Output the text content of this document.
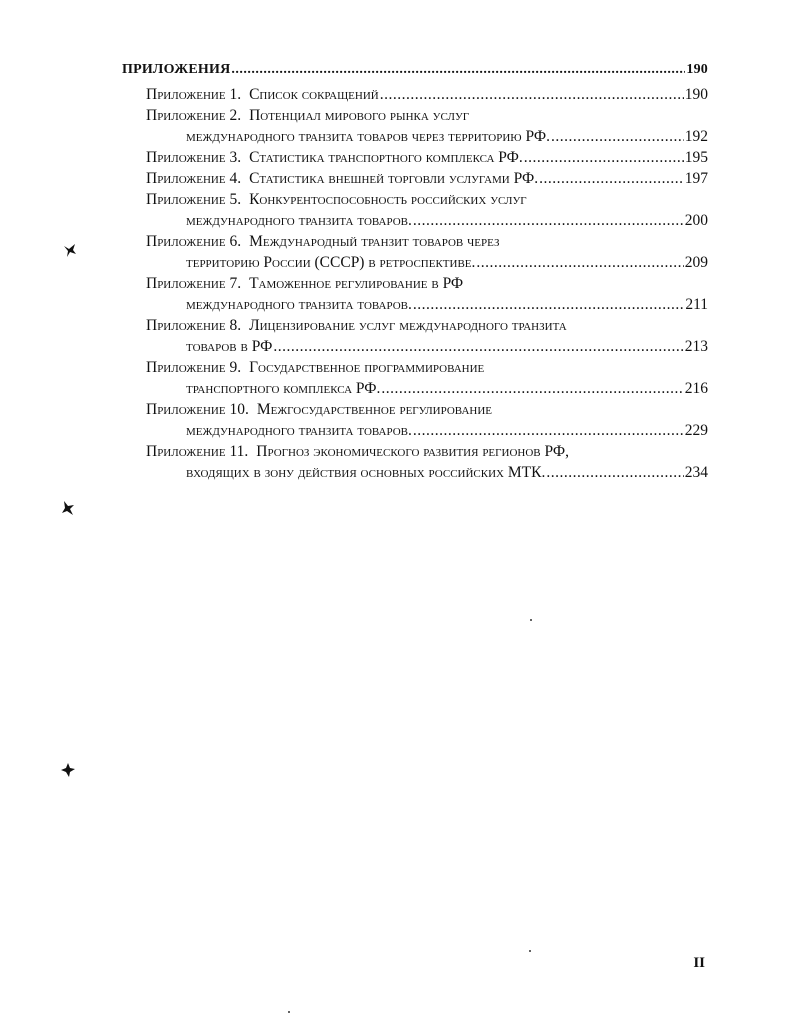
ПРИЛОЖЕНИЯ .....	190
Приложение 1. Список сокращений .....	190
Приложение 2. Потенциал мирового рынка услуг
международного транзита товаров через территорию РФ. .....	192
Приложение 3. Статистика транспортного комплекса РФ. .....	195
Приложение 4. Статистика внешней торговли услугами РФ. .....	197
Приложение 5. Конкурентоспособность российских услуг
международного транзита товаров. .....	200
Приложение 6. Международный транзит товаров через
территорию России (СССР) в ретроспективе. .....	209
Приложение 7. Таможенное регулирование в РФ
международного транзита товаров. .....	211
Приложение 8. Лицензирование услуг международного транзита
товаров в РФ .....	213
Приложение 9. Государственное программирование
транспортного комплекса РФ. .....	216
Приложение 10. Межгосударственное регулирование
международного транзита товаров. .....	229
Приложение 11. Прогноз экономического развития регионов РФ,
входящих в зону действия основных российских МТК. .....	234
II
